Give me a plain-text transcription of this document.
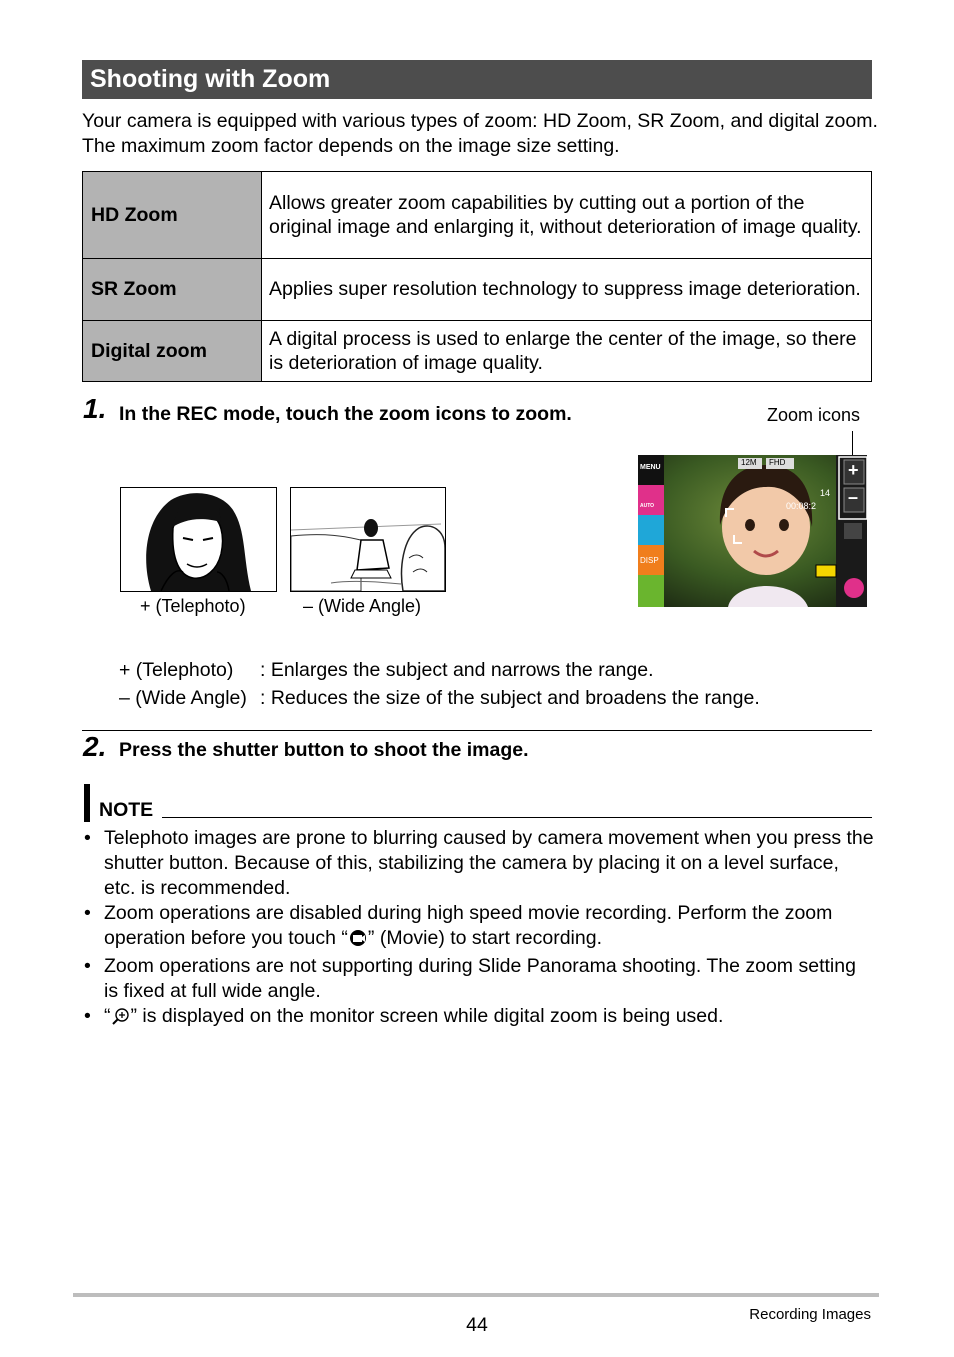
Shooting with Zoom
Your camera is equipped with various types of zoom: HD Zoom, SR Zoom, and digital zoom. The maximum zoom factor depends on the image size setting.
HD Zoom	Allows greater zoom capabilities by cutting out a portion of the original image and enlarging it, without deterioration of image quality.
SR Zoom	Applies super resolution technology to suppress image deterioration.
Digital zoom	A digital process is used to enlarge the center of the image, so there is deterioration of image quality.
1. In the REC mode, touch the zoom icons to zoom.
+ (Telephoto)	– (Wide Angle)
Zoom icons
MENU
AUTO
DISP
12M FHD
14
00:08:2
+
–
+ (Telephoto) : Enlarges the subject and narrows the range.
– (Wide Angle) : Reduces the size of the subject and broadens the range.
2. Press the shutter button to shoot the image.
NOTE
• Telephoto images are prone to blurring caused by camera movement when you press the shutter button. Because of this, stabilizing the camera by placing it on a level surface, etc. is recommended.
• Zoom operations are disabled during high speed movie recording. Perform the zoom operation before you touch “ ” (Movie) to start recording.
• Zoom operations are not supporting during Slide Panorama shooting. The zoom setting is fixed at full wide angle.
• “ ” is displayed on the monitor screen while digital zoom is being used.
44	Recording Images
